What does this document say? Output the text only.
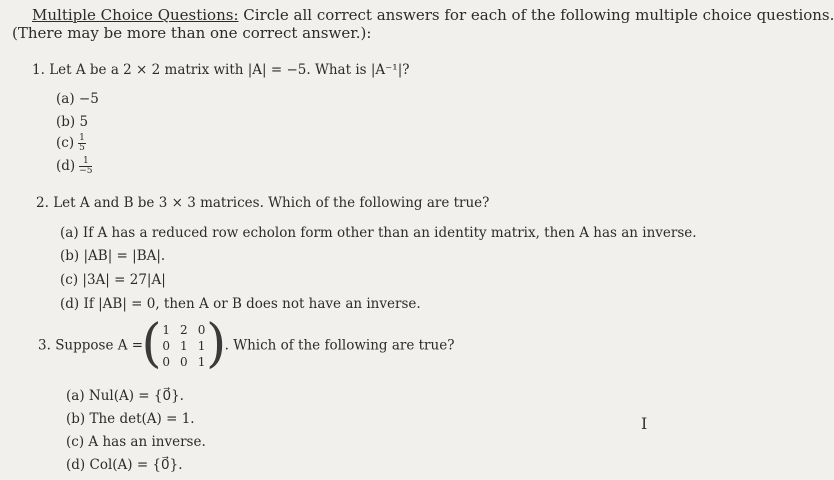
Multiple Choice Questions: Circle all correct answers for each of the following multiple choice questions.
(There may be more than one correct answer.):
1. Let A be a 2 × 2 matrix with |A| = −5. What is |A⁻¹|?
(a) −5
(b) 5
$(c) \frac{1}{5}$
$(d) \frac{1}{-5}$
2. Let A and B be 3 × 3 matrices. Which of the following are true?
(a) If A has a reduced row echolon form other than an identity matrix, then A has an inverse.
(b) |AB| = |BA|.
(c) |3A| = 27|A|
(d) If |AB| = 0, then A or B does not have an inverse.
3. Suppose A =
( 1	2	0
0	1	1
0	0	1 )
. Which of the following are true?
(a) Nul(A) = {0⃗}.
(b) The det(A) = 1.
(c) A has an inverse.
(d) Col(A) = {0⃗}.
I
